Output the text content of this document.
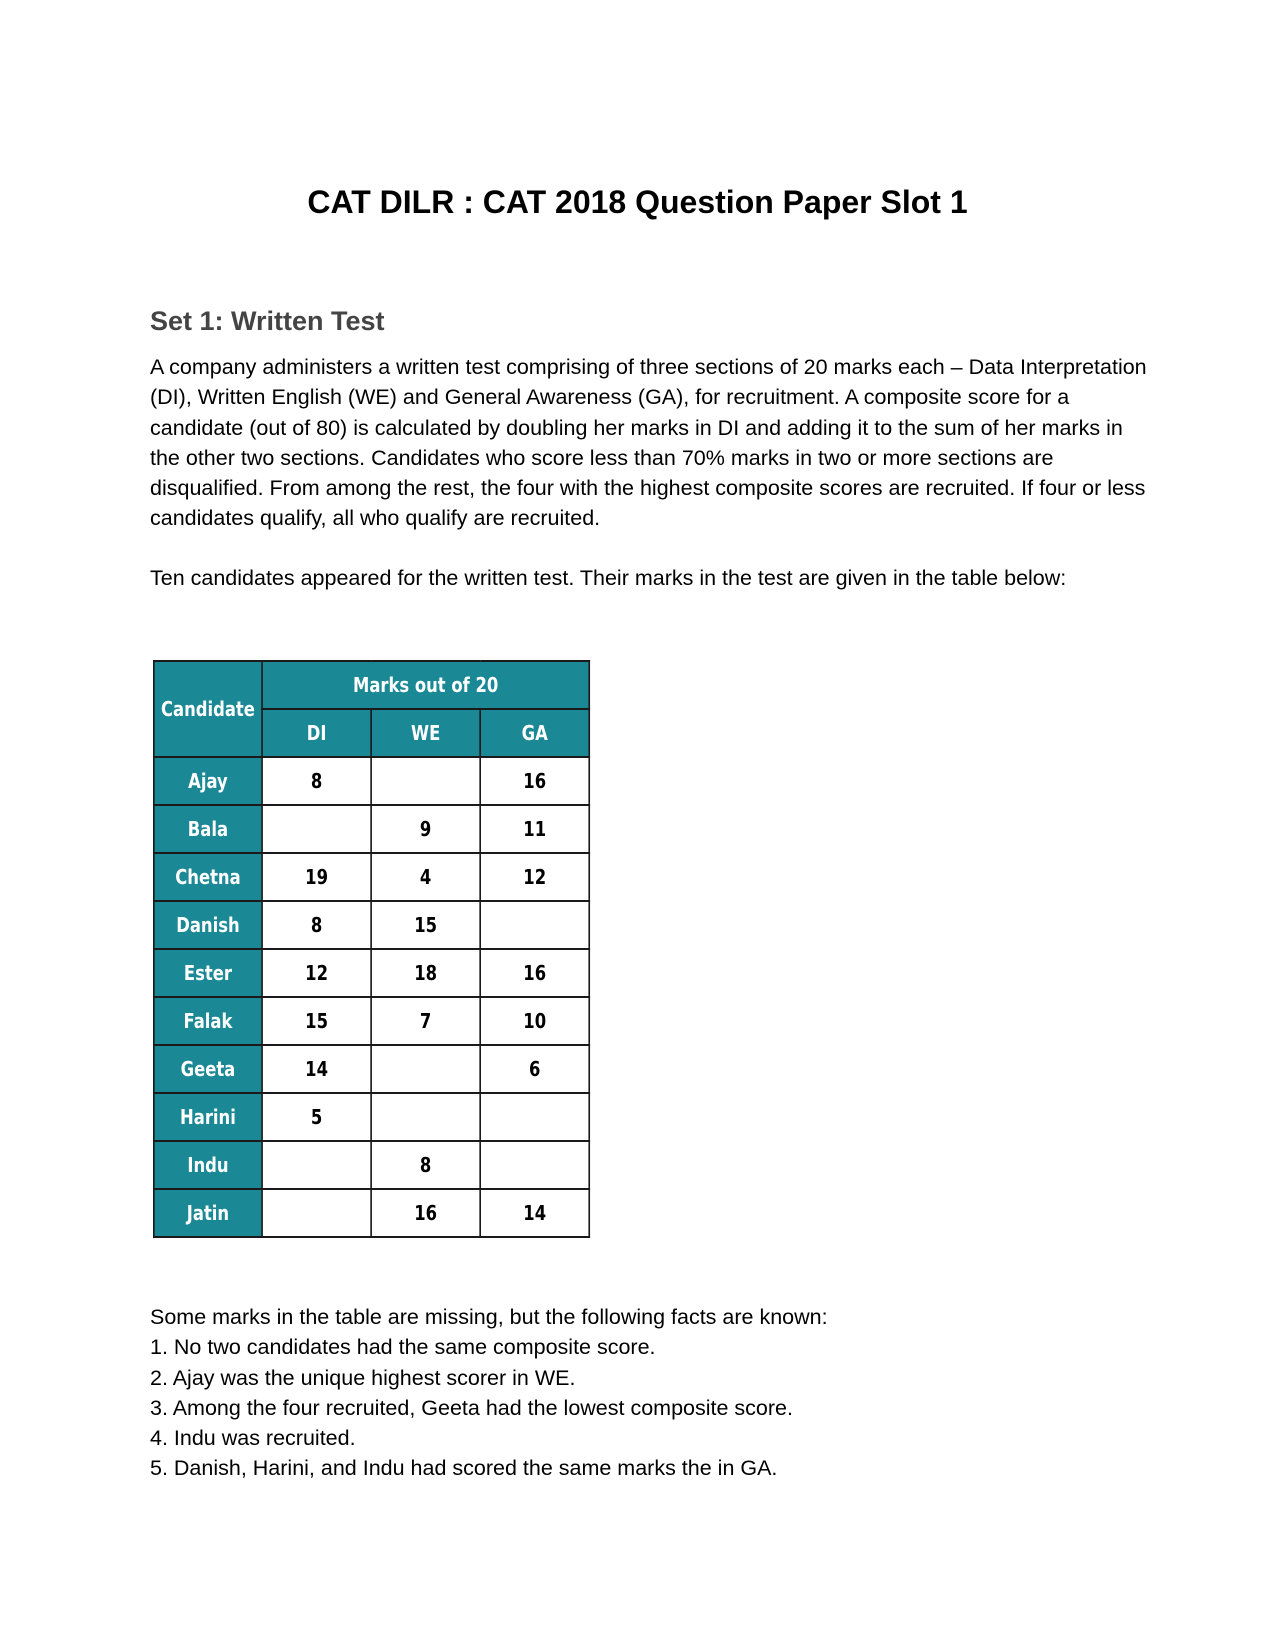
CAT DILR : CAT 2018 Question Paper Slot 1
Set 1: Written Test

A company administers a written test comprising of three sections of 20 marks each – Data Interpretation (DI), Written English (WE) and General Awareness (GA), for recruitment. A composite score for a candidate (out of 80) is calculated by doubling her marks in DI and adding it to the sum of her marks in the other two sections. Candidates who score less than 70% marks in two or more sections are disqualified. From among the rest, the four with the highest composite scores are recruited. If four or less candidates qualify, all who qualify are recruited.

Ten candidates appeared for the written test. Their marks in the test are given in the table below:

Candidate	Marks out of 20		
	DI	WE	GA
Ajay	8		16
Bala		9	11
Chetna	19	4	12
Danish	8	15	
Ester	12	18	16
Falak	15	7	10
Geeta	14		6
Harini	5		
Indu		8	
Jatin		16	14
Some marks in the table are missing, but the following facts are known:
1. No two candidates had the same composite score.
2. Ajay was the unique highest scorer in WE.
3. Among the four recruited, Geeta had the lowest composite score.
4. Indu was recruited.
5. Danish, Harini, and Indu had scored the same marks the in GA.
